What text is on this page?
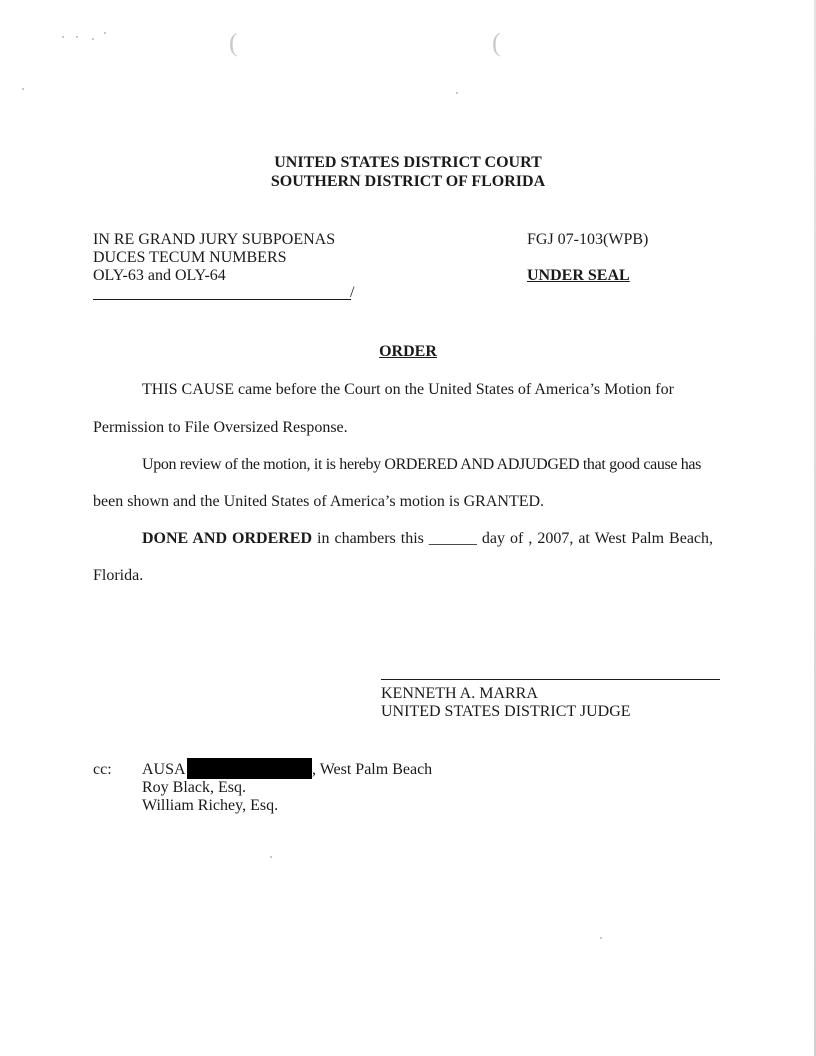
(	(
UNITED STATES DISTRICT COURT
SOUTHERN DISTRICT OF FLORIDA
IN RE GRAND JURY SUBPOENAS
DUCES TECUM NUMBERS
OLY-63 and OLY-64
/
FGJ 07-103(WPB)
UNDER SEAL
ORDER
THIS CAUSE came before the Court on the United States of America’s Motion for
Permission to File Oversized Response.
Upon review of the motion, it is hereby ORDERED AND ADJUDGED that good cause has
been shown and the United States of America’s motion is GRANTED.
DONE AND ORDERED in chambers this ______ day of , 2007, at West Palm Beach,
Florida.
KENNETH A. MARRA
UNITED STATES DISTRICT JUDGE
cc: AUSA	, West Palm Beach
Roy Black, Esq.
William Richey, Esq.
